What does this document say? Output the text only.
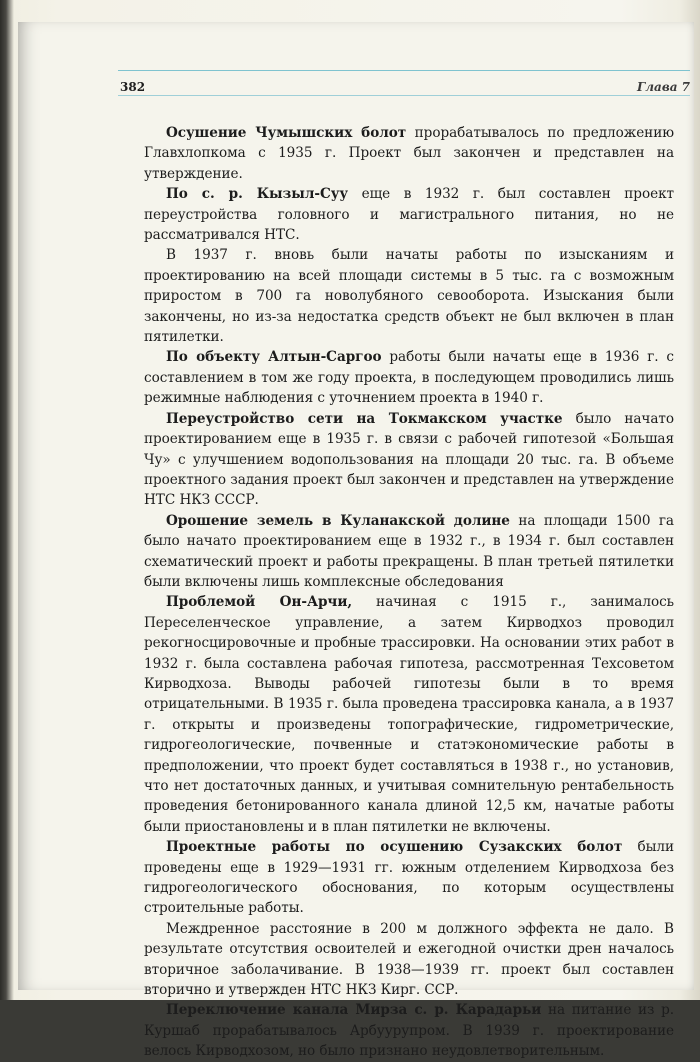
382	Глава 7

Осушение Чумышских болот прорабатывалось по предложению Главхлопкома с 1935 г. Проект был закончен и представлен на утверждение.

По с. р. Кызыл-Суу еще в 1932 г. был составлен проект переустройства головного и магистрального питания, но не рассматривался НТС.

В 1937 г. вновь были начаты работы по изысканиям и проектированию на всей площади системы в 5 тыс. га с возможным приростом в 700 га новолубяного севооборота. Изыскания были закончены, но из-за недостатка средств объект не был включен в план пятилетки.

По объекту Алтын-Саргоо работы были начаты еще в 1936 г. с составлением в том же году проекта, в последующем проводились лишь режимные наблюдения с уточнением проекта в 1940 г.

Переустройство сети на Токмакском участке было начато проектированием еще в 1935 г. в связи с рабочей гипотезой «Большая Чу» с улучшением водопользования на площади 20 тыс. га. В объеме проектного задания проект был закончен и представлен на утверждение НТС НКЗ СССР.

Орошение земель в Куланакской долине на площади 1500 га было начато проектированием еще в 1932 г., в 1934 г. был составлен схематический проект и работы прекращены. В план третьей пятилетки были включены лишь комплексные обследования

Проблемой Он-Арчи, начиная с 1915 г., занималось Переселенческое управление, а затем Кирводхоз проводил рекогносцировочные и пробные трассировки. На основании этих работ в 1932 г. была составлена рабочая гипотеза, рассмотренная Техсоветом Кирводхоза. Выводы рабочей гипотезы были в то время отрицательными. В 1935 г. была проведена трассировка канала, а в 1937 г. открыты и произведены топографические, гидрометрические, гидрогеологические, почвенные и статэкономические работы в предположении, что проект будет составляться в 1938 г., но установив, что нет достаточных данных, и учитывая сомнительную рентабельность проведения бетонированного канала длиной 12,5 км, начатые работы были приостановлены и в план пятилетки не включены.

Проектные работы по осушению Сузакских болот были проведены еще в 1929—1931 гг. южным отделением Кирводхоза без гидрогеологического обоснования, по которым осуществлены строительные работы.

Междренное расстояние в 200 м должного эффекта не дало. В результате отсутствия освоителей и ежегодной очистки дрен началось вторичное заболачивание. В 1938—1939 гг. проект был составлен вторично и утвержден НТС НКЗ Кирг. ССР.

Переключение канала Мирза с. р. Карадарьи на питание из р. Куршаб прорабатывалось Арбуурупром. В 1939 г. проектирование велось Кирводхозом, но было признано неудовлетворительным.
